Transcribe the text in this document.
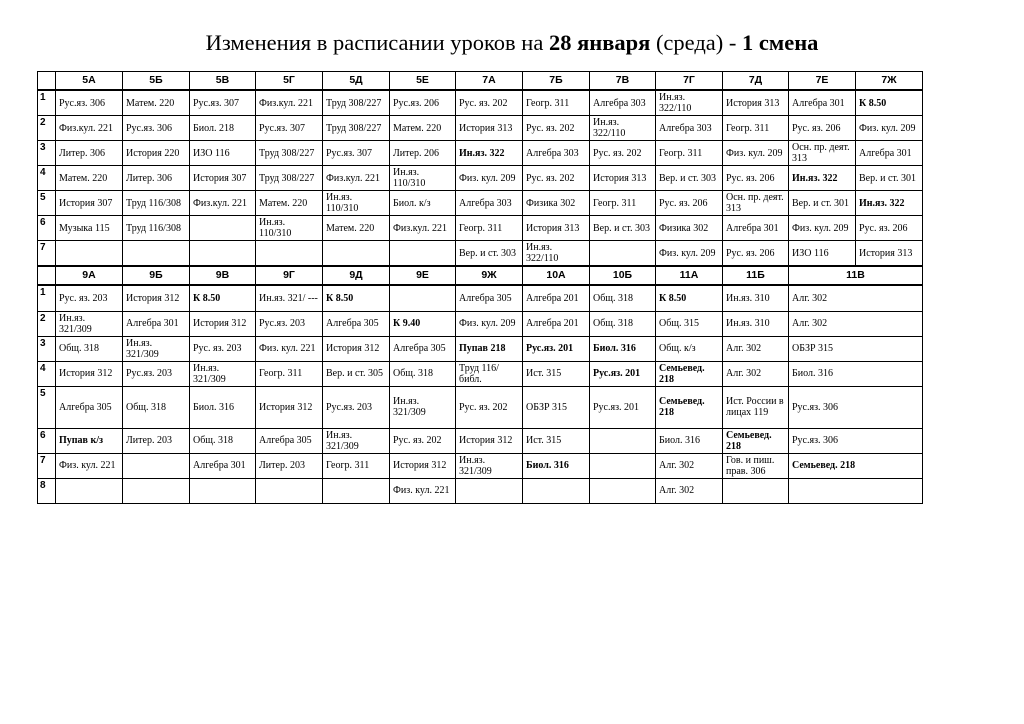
Изменения в расписании уроков на 28 января (среда) - 1 смена
	5А	5Б	5В	5Г	5Д	5Е	7А	7Б	7В	7Г	7Д	7Е	7Ж
1	Рус.яз. 306	Матем. 220	Рус.яз. 307	Физ.кул. 221	Труд 308/227	Рус.яз. 206	Рус. яз. 202	Геогр. 311	Алгебра 303	Ин.яз. 322/110	История 313	Алгебра 301	К 8.50
2	Физ.кул. 221	Рус.яз. 306	Биол. 218	Рус.яз. 307	Труд 308/227	Матем. 220	История 313	Рус. яз. 202	Ин.яз. 322/110	Алгебра 303	Геогр. 311	Рус. яз. 206	Физ. кул. 209
3	Литер. 306	История 220	ИЗО 116	Труд 308/227	Рус.яз. 307	Литер. 206	Ин.яз. 322	Алгебра 303	Рус. яз. 202	Геогр. 311	Физ. кул. 209	Осн. пр. деят. 313	Алгебра 301
4	Матем. 220	Литер. 306	История 307	Труд 308/227	Физ.кул. 221	Ин.яз. 110/310	Физ. кул. 209	Рус. яз. 202	История 313	Вер. и ст. 303	Рус. яз. 206	Ин.яз. 322	Вер. и ст. 301
5	История 307	Труд 116/308	Физ.кул. 221	Матем. 220	Ин.яз. 110/310	Биол. к/з	Алгебра 303	Физика 302	Геогр. 311	Рус. яз. 206	Осн. пр. деят. 313	Вер. и ст. 301	Ин.яз. 322
6	Музыка 115	Труд 116/308		Ин.яз. 110/310	Матем. 220	Физ.кул. 221	Геогр. 311	История 313	Вер. и ст. 303	Физика 302	Алгебра 301	Физ. кул. 209	Рус. яз. 206
7							Вер. и ст. 303	Ин.яз. 322/110		Физ. кул. 209	Рус. яз. 206	ИЗО 116	История 313
	9А	9Б	9В	9Г	9Д	9Е	9Ж	10А	10Б	11А	11Б	11В	
1	Рус. яз. 203	История 312	К 8.50	Ин.яз. 321/ ---	К 8.50		Алгебра 305	Алгебра 201	Общ. 318	К 8.50	Ин.яз. 310	Алг. 302	
2	Ин.яз. 321/309	Алгебра 301	История 312	Рус.яз. 203	Алгебра 305	К 9.40	Физ. кул. 209	Алгебра 201	Общ. 318	Общ. 315	Ин.яз. 310	Алг. 302	
3	Общ. 318	Ин.яз. 321/309	Рус. яз. 203	Физ. кул. 221	История 312	Алгебра 305	Пупав 218	Рус.яз. 201	Биол. 316	Общ. к/з	Алг. 302	ОБЗР 315	
4	История 312	Рус.яз. 203	Ин.яз. 321/309	Геогр. 311	Вер. и ст. 305	Общ. 318	Труд 116/библ.	Ист. 315	Рус.яз. 201	Семьевед. 218	Алг. 302	Биол. 316	
5	Алгебра 305	Общ. 318	Биол. 316	История 312	Рус.яз. 203	Ин.яз. 321/309	Рус. яз. 202	ОБЗР 315	Рус.яз. 201	Семьевед. 218	Ист. России в лицах 119	Рус.яз. 306	
6	Пупав к/з	Литер. 203	Общ. 318	Алгебра 305	Ин.яз. 321/309	Рус. яз. 202	История 312	Ист. 315		Биол. 316	Семьевед. 218	Рус.яз. 306	
7	Физ. кул. 221		Алгебра 301	Литер. 203	Геогр. 311	История 312	Ин.яз. 321/309	Биол. 316		Алг. 302	Гов. и пиш. прав. 306	Семьевед. 218	
8						Физ. кул. 221				Алг. 302			
